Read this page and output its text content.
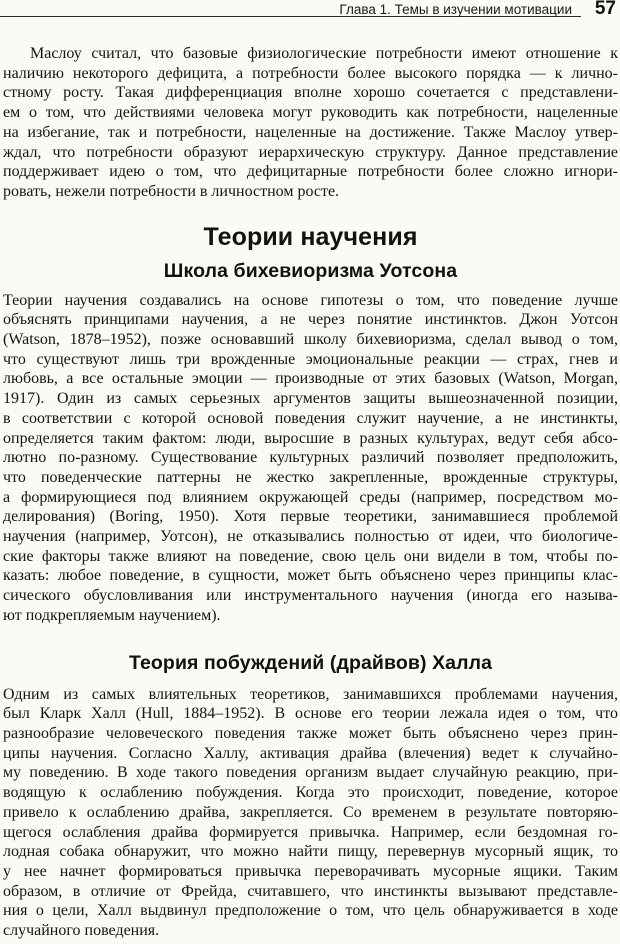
Глава 1. Темы в изучении мотивации 57

Маслоу считал, что базовые физиологические потребности имеют отношение к
наличию некоторого дефицита, а потребности более высокого порядка — к лично-
стному росту. Такая дифференциация вполне хорошо сочетается с представлени-
ем о том, что действиями человека могут руководить как потребности, нацеленные
на избегание, так и потребности, нацеленные на достижение. Также Маслоу утвер-
ждал, что потребности образуют иерархическую структуру. Данное представление
поддерживает идею о том, что дефицитарные потребности более сложно игнори-
ровать, нежели потребности в личностном росте.

Теории научения
Школа бихевиоризма Уотсона

Теории научения создавались на основе гипотезы о том, что поведение лучше
объяснять принципами научения, а не через понятие инстинктов. Джон Уотсон
(Watson, 1878–1952), позже основавший школу бихевиоризма, сделал вывод о том,
что существуют лишь три врожденные эмоциональные реакции — страх, гнев и
любовь, а все остальные эмоции — производные от этих базовых (Watson, Morgan,
1917). Один из самых серьезных аргументов защиты вышеозначенной позиции,
в соответствии с которой основой поведения служит научение, а не инстинкты,
определяется таким фактом: люди, выросшие в разных культурах, ведут себя абсо-
лютно по-разному. Существование культурных различий позволяет предположить,
что поведенческие паттерны не жестко закрепленные, врожденные структуры,
а формирующиеся под влиянием окружающей среды (например, посредством мо-
делирования) (Boring, 1950). Хотя первые теоретики, занимавшиеся проблемой
научения (например, Уотсон), не отказывались полностью от идеи, что биологиче-
ские факторы также влияют на поведение, свою цель они видели в том, чтобы по-
казать: любое поведение, в сущности, может быть объяснено через принципы клас-
сического обусловливания или инструментального научения (иногда его называ-
ют подкрепляемым научением).

Теория побуждений (драйвов) Халла

Одним из самых влиятельных теоретиков, занимавшихся проблемами научения,
был Кларк Халл (Hull, 1884–1952). В основе его теории лежала идея о том, что
разнообразие человеческого поведения также может быть объяснено через прин-
ципы научения. Согласно Халлу, активация драйва (влечения) ведет к случайно-
му поведению. В ходе такого поведения организм выдает случайную реакцию, при-
водящую к ослаблению побуждения. Когда это происходит, поведение, которое
привело к ослаблению драйва, закрепляется. Со временем в результате повторяю-
щегося ослабления драйва формируется привычка. Например, если бездомная го-
лодная собака обнаружит, что можно найти пищу, перевернув мусорный ящик, то
у нее начнет формироваться привычка переворачивать мусорные ящики. Таким
образом, в отличие от Фрейда, считавшего, что инстинкты вызывают представле-
ния о цели, Халл выдвинул предположение о том, что цель обнаруживается в ходе
случайного поведения.
